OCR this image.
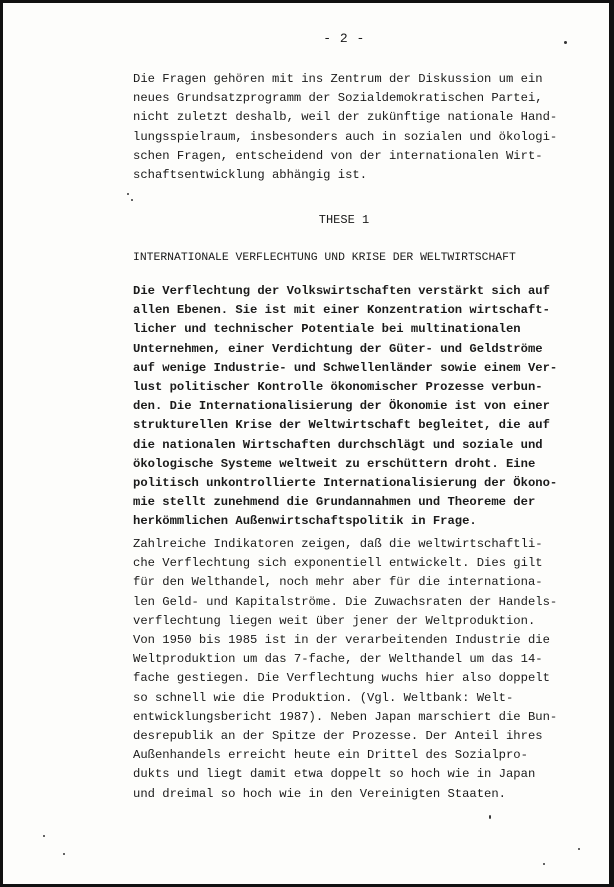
- 2 -
Die Fragen gehören mit ins Zentrum der Diskussion um ein
neues Grundsatzprogramm der Sozialdemokratischen Partei,
nicht zuletzt deshalb, weil der zukünftige nationale Hand-
lungsspielraum, insbesonders auch in sozialen und ökologi-
schen Fragen, entscheidend von der internationalen Wirt-
schaftsentwicklung abhängig ist.
THESE 1
INTERNATIONALE VERFLECHTUNG UND KRISE DER WELTWIRTSCHAFT
Die Verflechtung der Volkswirtschaften verstärkt sich auf
allen Ebenen. Sie ist mit einer Konzentration wirtschaft-
licher und technischer Potentiale bei multinationalen
Unternehmen, einer Verdichtung der Güter- und Geldströme
auf wenige Industrie- und Schwellenländer sowie einem Ver-
lust politischer Kontrolle ökonomischer Prozesse verbun-
den. Die Internationalisierung der Ökonomie ist von einer
strukturellen Krise der Weltwirtschaft begleitet, die auf
die nationalen Wirtschaften durchschlägt und soziale und
ökologische Systeme weltweit zu erschüttern droht. Eine
politisch unkontrollierte Internationalisierung der Ökono-
mie stellt zunehmend die Grundannahmen und Theoreme der
herkömmlichen Außenwirtschaftspolitik in Frage.
Zahlreiche Indikatoren zeigen, daß die weltwirtschaftli-
che Verflechtung sich exponentiell entwickelt. Dies gilt
für den Welthandel, noch mehr aber für die internationa-
len Geld- und Kapitalströme. Die Zuwachsraten der Handels-
verflechtung liegen weit über jener der Weltproduktion.
Von 1950 bis 1985 ist in der verarbeitenden Industrie die
Weltproduktion um das 7-fache, der Welthandel um das 14-
fache gestiegen. Die Verflechtung wuchs hier also doppelt
so schnell wie die Produktion. (Vgl. Weltbank: Welt-
entwicklungsbericht 1987). Neben Japan marschiert die Bun-
desrepublik an der Spitze der Prozesse. Der Anteil ihres
Außenhandels erreicht heute ein Drittel des Sozialpro-
dukts und liegt damit etwa doppelt so hoch wie in Japan
und dreimal so hoch wie in den Vereinigten Staaten.
